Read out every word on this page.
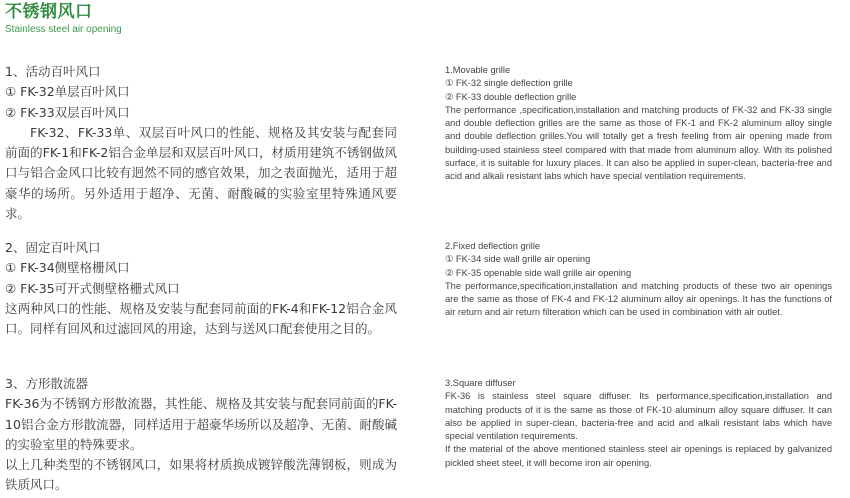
不锈钢风口
Stainless steel air opening

1、活动百叶风口

① FK-32单层百叶风口

② FK-33双层百叶风口

FK-32、FK-33单、双层百叶风口的性能、规格及其安装与配套同前面的FK-1和FK-2铝合金单层和双层百叶风口，材质用建筑不锈钢做风口与铝合金风口比较有迥然不同的感官效果，加之表面抛光，适用于超豪华的场所。另外适用于超净、无菌、耐酸碱的实验室里特殊通风要求。

2、固定百叶风口

① FK-34侧壁格栅风口

② FK-35可开式侧壁格栅式风口

这两种风口的性能、规格及安装与配套同前面的FK-4和FK-12铝合金风口。同样有回风和过滤回风的用途，达到与送风口配套使用之目的。

3、方形散流器

FK-36为不锈钢方形散流器，其性能、规格及其安装与配套同前面的FK-10铝合金方形散流器，同样适用于超豪华场所以及超净、无菌、耐酸碱的实验室里的特殊要求。

以上几种类型的不锈钢风口，如果将材质换成镀锌酸洗薄钢板，则成为铁质风口。

1.Movable grille

① FK-32 single deflection grille

② FK-33 double deflection grille

The performance ,specification,installation and matching products of FK-32 and FK-33 single and double deflection grilles are the same as those of FK-1 and FK-2 aluminum alloy single and double deflection grilles.You will totally get a fresh feeling from air opening made from building-used stainless steel compared with that made from aluminum alloy. With its polished surface, it is suitable for luxury places. It can also be applied in super-clean, bacteria-free and acid and alkali resistant labs which have special ventilation requirements.

2.Fixed deflection grille

① FK-34 side wall grille air opening

② FK-35 openable side wall grille air opening

The performance,specification,installation and matching products of these two air openings are the same as those of FK-4 and FK-12 aluminum alloy air openings. It has the functions of air return and air return filteration which can be used in combination with air outlet.

3.Square diffuser

FK-36 is stainless steel square diffuser. Its performance,specification,installation and matching products of it is the same as those of FK-10 aluminum alloy square diffuser. It can also be applied in super-clean, bacteria-free and acid and alkali resistant labs which have special ventilation requirements.

If the material of the above mentioned stainless steel air openings is replaced by galvanized pickled sheet steel, it will become iron air opening.
